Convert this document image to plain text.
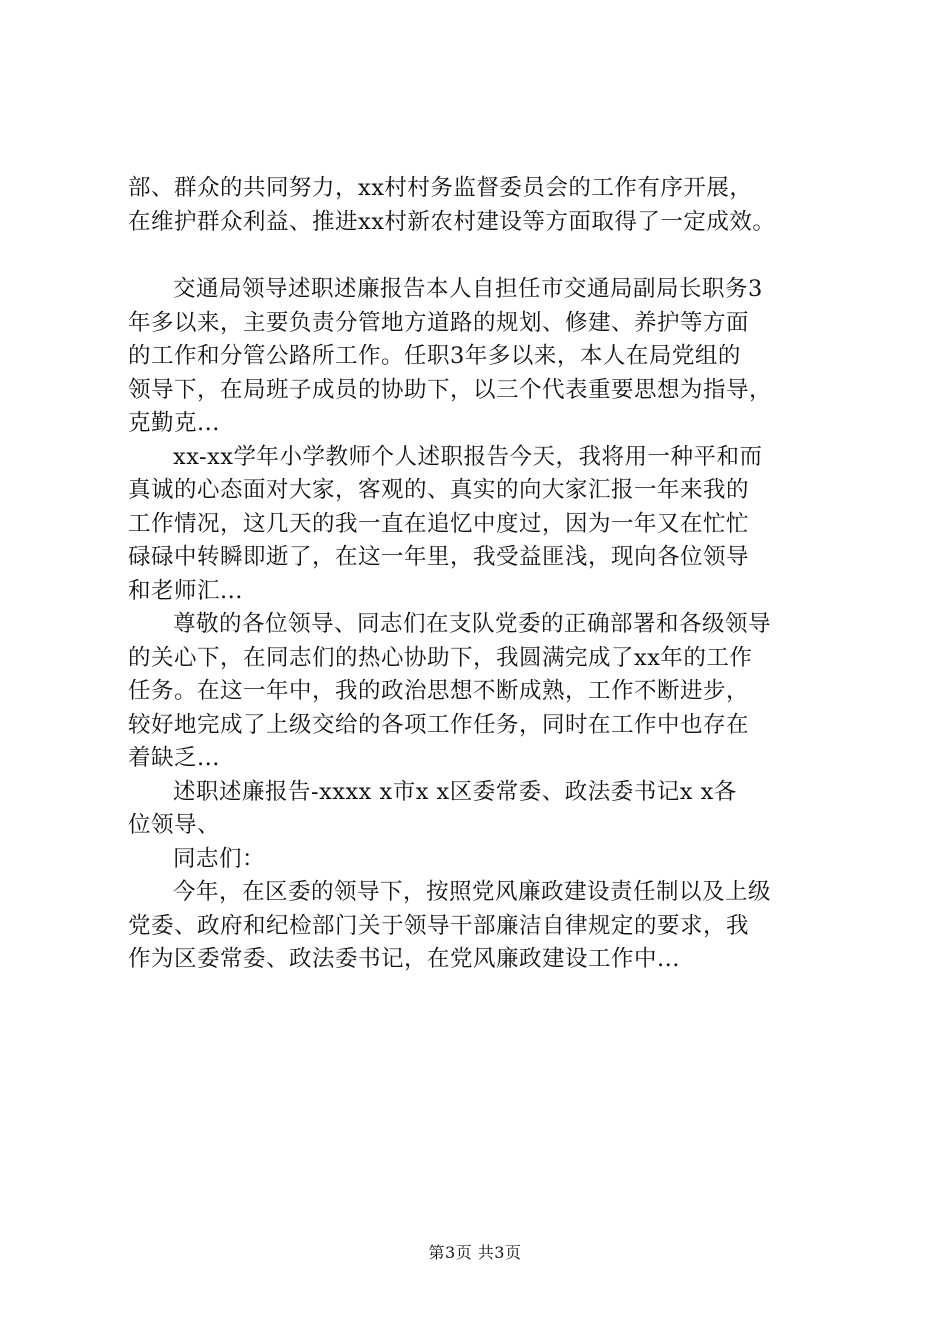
部、群众的共同努力，xx村村务监督委员会的工作有序开展，
在维护群众利益、推进xx村新农村建设等方面取得了一定成效。
交通局领导述职述廉报告本人自担任市交通局副局长职务3
年多以来，主要负责分管地方道路的规划、修建、养护等方面
的工作和分管公路所工作。任职3年多以来，本人在局党组的
领导下，在局班子成员的协助下，以三个代表重要思想为指导，
克勤克...
xx-xx学年小学教师个人述职报告今天，我将用一种平和而
真诚的心态面对大家，客观的、真实的向大家汇报一年来我的
工作情况，这几天的我一直在追忆中度过，因为一年又在忙忙
碌碌中转瞬即逝了，在这一年里，我受益匪浅，现向各位领导
和老师汇...
尊敬的各位领导、同志们在支队党委的正确部署和各级领导
的关心下，在同志们的热心协助下，我圆满完成了xx年的工作
任务。在这一年中，我的政治思想不断成熟，工作不断进步，
较好地完成了上级交给的各项工作任务，同时在工作中也存在
着缺乏...
述职述廉报告-xxxx x市x x区委常委、政法委书记x x各
位领导、
同志们：
今年，在区委的领导下，按照党风廉政建设责任制以及上级
党委、政府和纪检部门关于领导干部廉洁自律规定的要求，我
作为区委常委、政法委书记，在党风廉政建设工作中...
第3页 共3页
